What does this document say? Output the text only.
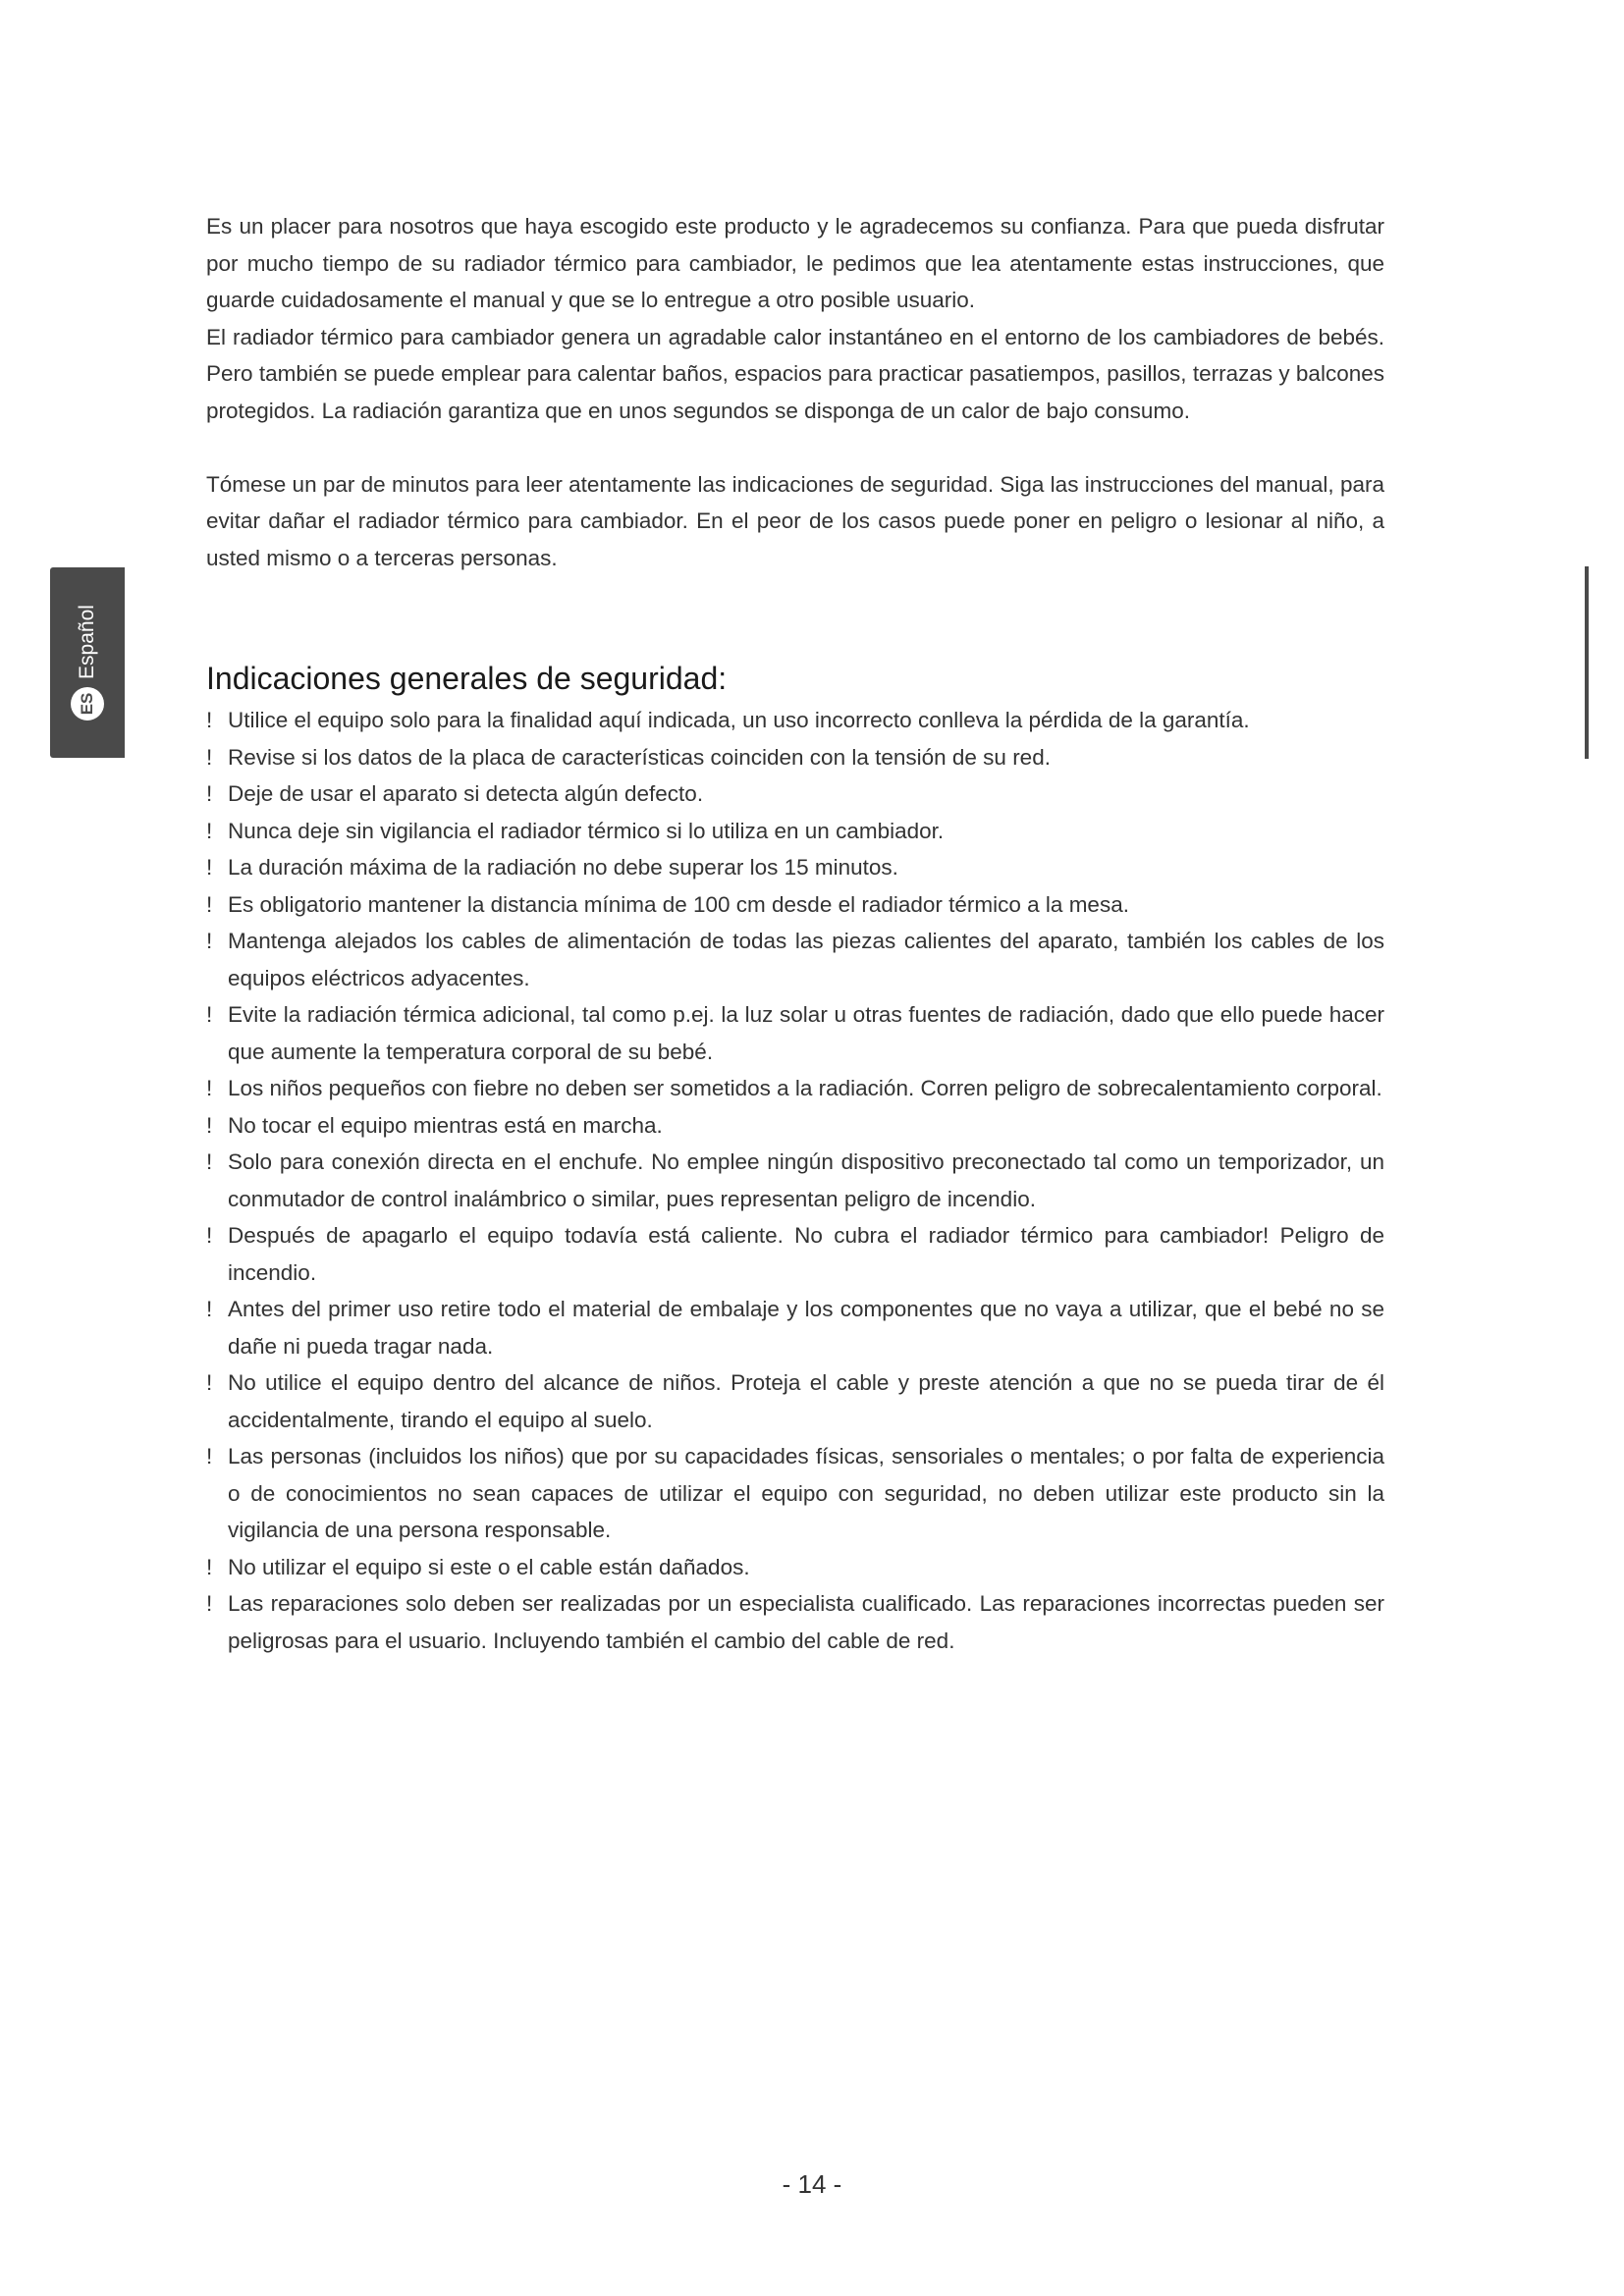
ES
Español

Es un placer para nosotros que haya escogido este producto y le agradecemos su confianza. Para que pueda disfrutar por mucho tiempo de su radiador térmico para cambiador, le pedimos que lea atentamente estas instrucciones, que guarde cuidadosamente el manual y que se lo entregue a otro posible usuario.

El radiador térmico para cambiador genera un agradable calor instantáneo en el entorno de los cambiadores de bebés. Pero también se puede emplear para calentar baños, espacios para practicar pasatiempos, pasillos, terrazas y balcones protegidos. La radiación garantiza que en unos segundos se disponga de un calor de bajo consumo.

Tómese un par de minutos para leer atentamente las indicaciones de seguridad. Siga las instrucciones del manual, para evitar dañar el radiador térmico para cambiador. En el peor de los casos puede poner en peligro o lesionar al niño, a usted mismo o a terceras personas.

Indicaciones generales de seguridad:
! Utilice el equipo solo para la finalidad aquí indicada, un uso incorrecto conlleva la pérdida de la garantía.
! Revise si los datos de la placa de características coinciden con la tensión de su red.
! Deje de usar el aparato si detecta algún defecto.
! Nunca deje sin vigilancia el radiador térmico si lo utiliza en un cambiador.
! La duración máxima de la radiación no debe superar los 15 minutos.
! Es obligatorio mantener la distancia mínima de 100 cm desde el radiador térmico a la mesa.
! Mantenga alejados los cables de alimentación de todas las piezas calientes del aparato, también los cables de los equipos eléctricos adyacentes.
! Evite la radiación térmica adicional, tal como p.ej. la luz solar u otras fuentes de radiación, dado que ello puede hacer que aumente la temperatura corporal de su bebé.
! Los niños pequeños con fiebre no deben ser sometidos a la radiación. Corren peligro de sobrecalentamiento corporal.
! No tocar el equipo mientras está en marcha.
! Solo para conexión directa en el enchufe. No emplee ningún dispositivo preconectado tal como un temporizador, un conmutador de control inalámbrico o similar, pues representan peligro de incendio.
! Después de apagarlo el equipo todavía está caliente. No cubra el radiador térmico para cambiador! Peligro de incendio.
! Antes del primer uso retire todo el material de embalaje y los componentes que no vaya a utilizar, que el bebé no se dañe ni pueda tragar nada.
! No utilice el equipo dentro del alcance de niños. Proteja el cable y preste atención a que no se pueda tirar de él accidentalmente, tirando el equipo al suelo.
! Las personas (incluidos los niños) que por su capacidades físicas, sensoriales o mentales; o por falta de experiencia o de conocimientos no sean capaces de utilizar el equipo con seguridad, no deben utilizar este producto sin la vigilancia de una persona responsable.
! No utilizar el equipo si este o el cable están dañados.
! Las reparaciones solo deben ser realizadas por un especialista cualificado. Las reparaciones incorrectas pueden ser peligrosas para el usuario. Incluyendo también el cambio del cable de red.
- 14 -
